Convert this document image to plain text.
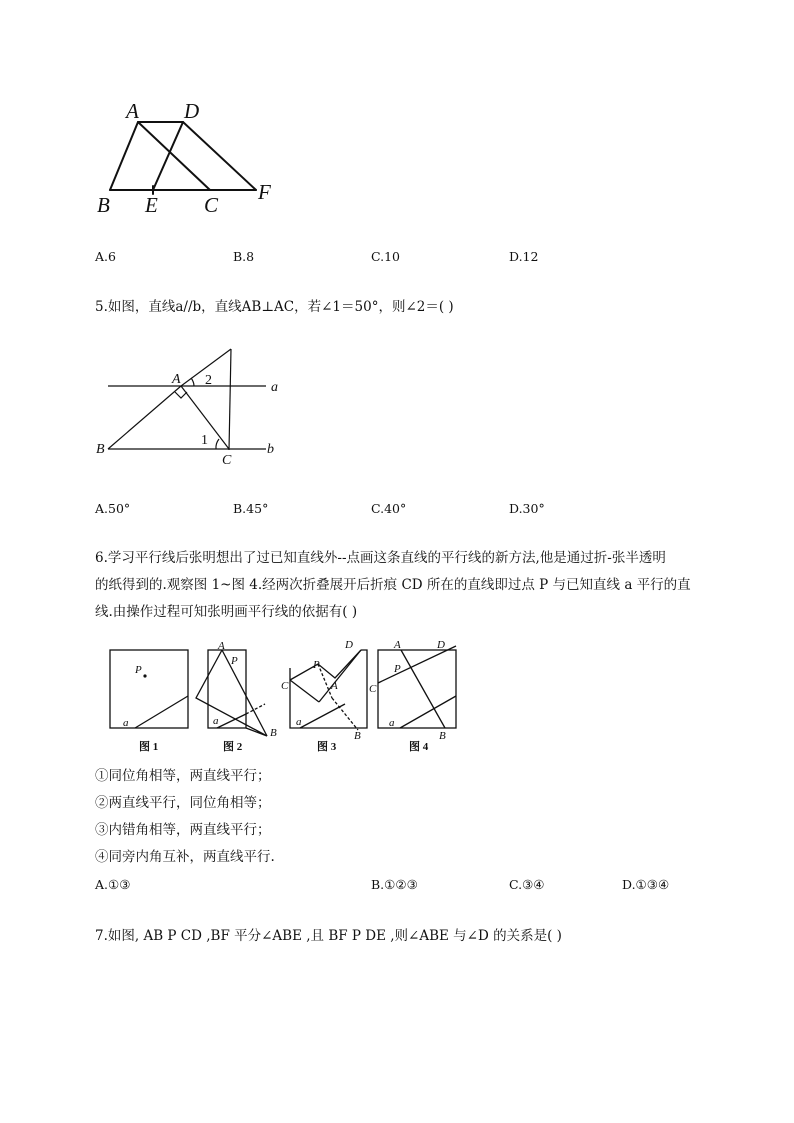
A D
B E C
F
A.6	B.8	C.10	D.12
5.如图，直线a//b，直线AB⊥AC，若∠1＝50°，则∠2＝( )
A 2	a
B
1
C
b
A.50°	B.45°	C.40°	D.30°
6.学习平行线后张明想出了过已知直线外--点画这条直线的平行线的新方法,他是通过折-张半透明
的纸得到的.观察图 1~图 4.经两次折叠展开后折痕 CD 所在的直线即过点 P 与已知直线 a 平行的直
线.由操作过程可知张明画平行线的依据有( )
P
a
A
P
a
B
D
P
C	A
a
B
A	D
P
C
a
B
图 1	图 2	图 3	图 4
①同位角相等，两直线平行；
②两直线平行，同位角相等；
③内错角相等，两直线平行；
④同旁内角互补，两直线平行.
A.①③	B.①②③	C.③④	D.①③④
7.如图, AB P CD ,BF 平分∠ABE ,且 BF P DE ,则∠ABE 与∠D 的关系是( )
